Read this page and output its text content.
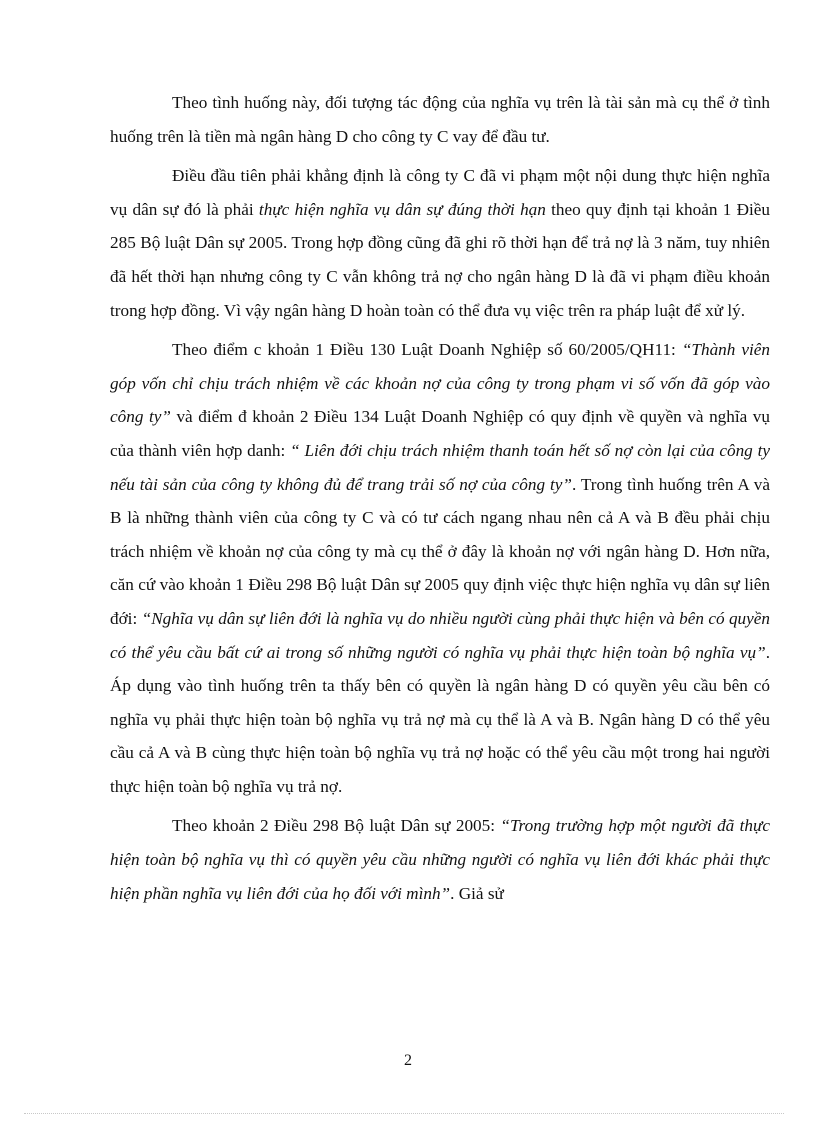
Theo tình huống này, đối tượng tác động của nghĩa vụ trên là tài sản mà cụ thể ở tình huống trên là tiền mà ngân hàng D cho công ty C vay để đầu tư.

Điều đầu tiên phải khẳng định là công ty C đã vi phạm một nội dung thực hiện nghĩa vụ dân sự đó là phải thực hiện nghĩa vụ dân sự đúng thời hạn theo quy định tại khoản 1 Điều 285 Bộ luật Dân sự 2005. Trong hợp đồng cũng đã ghi rõ thời hạn để trả nợ là 3 năm, tuy nhiên đã hết thời hạn nhưng công ty C vẫn không trả nợ cho ngân hàng D là đã vi phạm điều khoản trong hợp đồng. Vì vậy ngân hàng D hoàn toàn có thể đưa vụ việc trên ra pháp luật để xử lý.

Theo điểm c khoản 1 Điều 130 Luật Doanh Nghiệp số 60/2005/QH11: “Thành viên góp vốn chỉ chịu trách nhiệm về các khoản nợ của công ty trong phạm vi số vốn đã góp vào công ty” và điểm đ khoản 2 Điều 134 Luật Doanh Nghiệp có quy định về quyền và nghĩa vụ của thành viên hợp danh: “ Liên đới chịu trách nhiệm thanh toán hết số nợ còn lại của công ty nếu tài sản của công ty không đủ để trang trải số nợ của công ty”. Trong tình huống trên A và B là những thành viên của công ty C và có tư cách ngang nhau nên cả A và B đều phải chịu trách nhiệm về khoản nợ của công ty mà cụ thể ở đây là khoản nợ với ngân hàng D. Hơn nữa, căn cứ vào khoản 1 Điều 298 Bộ luật Dân sự 2005 quy định việc thực hiện nghĩa vụ dân sự liên đới: “Nghĩa vụ dân sự liên đới là nghĩa vụ do nhiều người cùng phải thực hiện và bên có quyền có thể yêu cầu bất cứ ai trong số những người có nghĩa vụ phải thực hiện toàn bộ nghĩa vụ”. Áp dụng vào tình huống trên ta thấy bên có quyền là ngân hàng D có quyền yêu cầu bên có nghĩa vụ phải thực hiện toàn bộ nghĩa vụ trả nợ mà cụ thể là A và B. Ngân hàng D có thể yêu cầu cả A và B cùng thực hiện toàn bộ nghĩa vụ trả nợ hoặc có thể yêu cầu một trong hai người thực hiện toàn bộ nghĩa vụ trả nợ.

Theo khoản 2 Điều 298 Bộ luật Dân sự 2005: “Trong trường hợp một người đã thực hiện toàn bộ nghĩa vụ thì có quyền yêu cầu những người có nghĩa vụ liên đới khác phải thực hiện phần nghĩa vụ liên đới của họ đối với mình”. Giả sử

2
